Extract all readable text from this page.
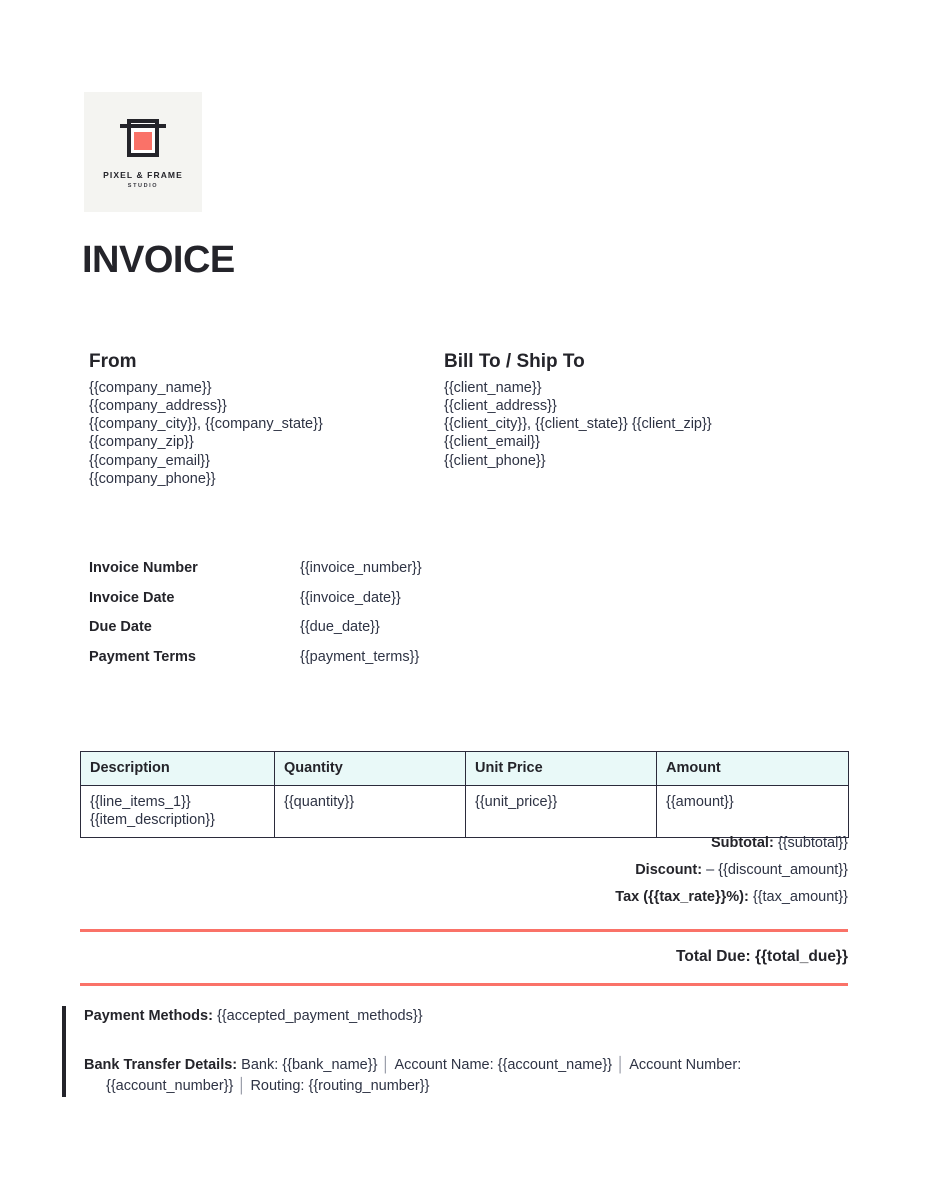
PIXEL & FRAME
STUDIO
INVOICE
From
{{company_name}}
{{company_address}}
{{company_city}}, {{company_state}}
{{company_zip}}
{{company_email}}
{{company_phone}}
Bill To / Ship To
{{client_name}}
{{client_address}}
{{client_city}}, {{client_state}} {{client_zip}}
{{client_email}}
{{client_phone}}
Invoice Number	{{invoice_number}}
Invoice Date	{{invoice_date}}
Due Date	{{due_date}}
Payment Terms	{{payment_terms}}
Description	Quantity	Unit Price	Amount
{{line_items_1}}{{item_description}}	{{quantity}}	{{unit_price}}	{{amount}}
Subtotal: {{subtotal}}
Discount: – {{discount_amount}}
Tax ({{tax_rate}}%): {{tax_amount}}
Total Due: {{total_due}}
Payment Methods: {{accepted_payment_methods}}
Bank Transfer Details: Bank: {{bank_name}} │ Account Name: {{account_name}} │ Account Number: {{account_number}} │ Routing: {{routing_number}}
